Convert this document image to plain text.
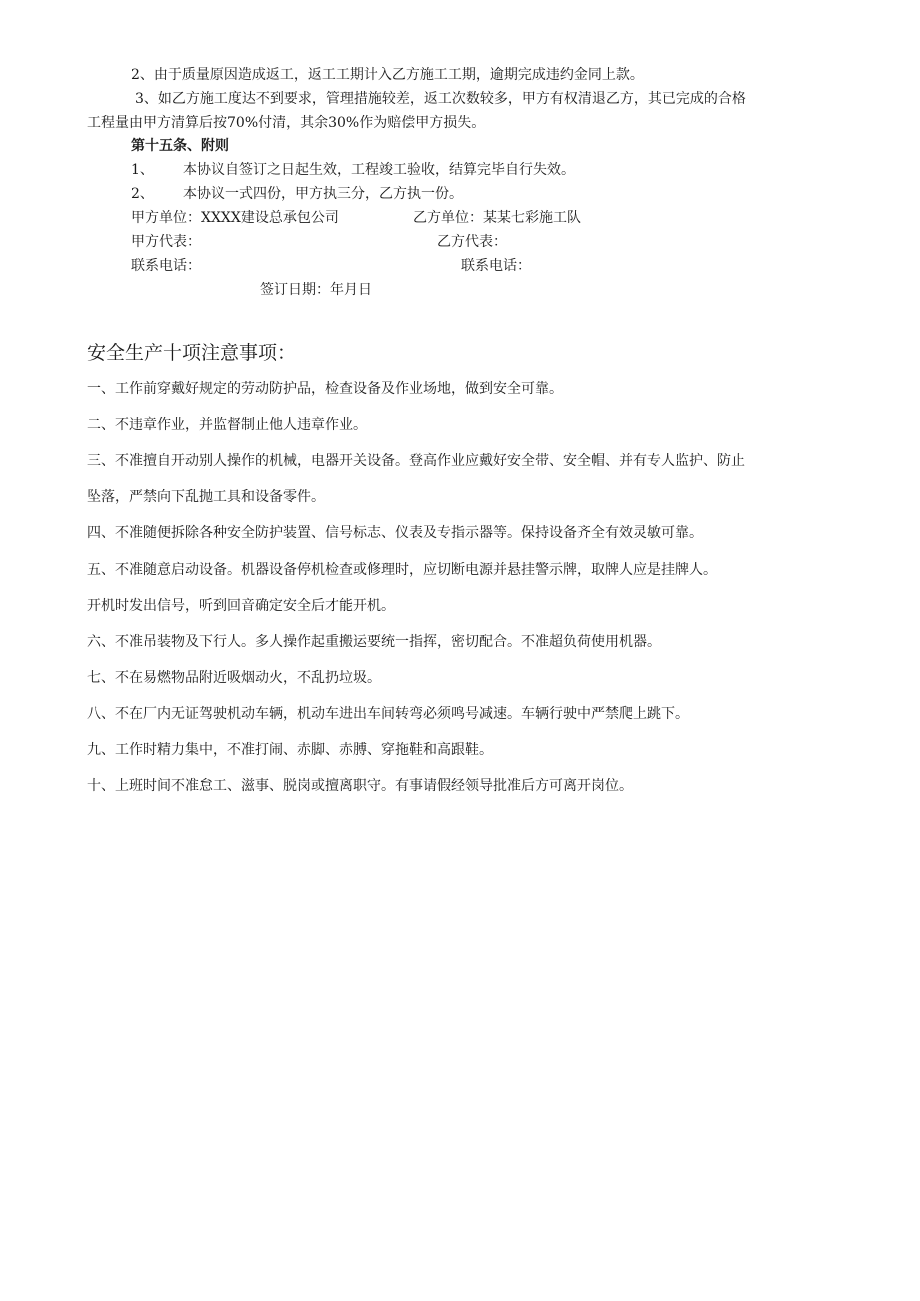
2、由于质量原因造成返工，返工工期计入乙方施工工期，逾期完成违约金同上款。
3、如乙方施工度达不到要求，管理措施较差，返工次数较多，甲方有权清退乙方，其已完成的合格
工程量由甲方清算后按70%付清，其余30%作为赔偿甲方损失。
第十五条、附则
1、 本协议自签订之日起生效，工程竣工验收，结算完毕自行失效。
2、 本协议一式四份，甲方执三分，乙方执一份。
甲方单位：XXXX建设总承包公司	乙方单位：某某七彩施工队
甲方代表：	乙方代表：
联系电话：	联系电话：
签订日期：年月日
安全生产十项注意事项：
一、工作前穿戴好规定的劳动防护品，检查设备及作业场地，做到安全可靠。
二、不违章作业，并监督制止他人违章作业。
三、不准擅自开动别人操作的机械，电器开关设备。登高作业应戴好安全带、安全帽、并有专人监护、防止
坠落，严禁向下乱抛工具和设备零件。
四、不准随便拆除各种安全防护装置、信号标志、仪表及专指示器等。保持设备齐全有效灵敏可靠。
五、不准随意启动设备。机器设备停机检查或修理时，应切断电源并悬挂警示牌，取牌人应是挂牌人。
开机时发出信号，听到回音确定安全后才能开机。
六、不准吊装物及下行人。多人操作起重搬运要统一指挥，密切配合。不准超负荷使用机器。
七、不在易燃物品附近吸烟动火，不乱扔垃圾。
八、不在厂内无证驾驶机动车辆，机动车进出车间转弯必须鸣号减速。车辆行驶中严禁爬上跳下。
九、工作时精力集中，不准打闹、赤脚、赤膊、穿拖鞋和高跟鞋。
十、上班时间不准怠工、滋事、脱岗或擅离职守。有事请假经领导批准后方可离开岗位。
